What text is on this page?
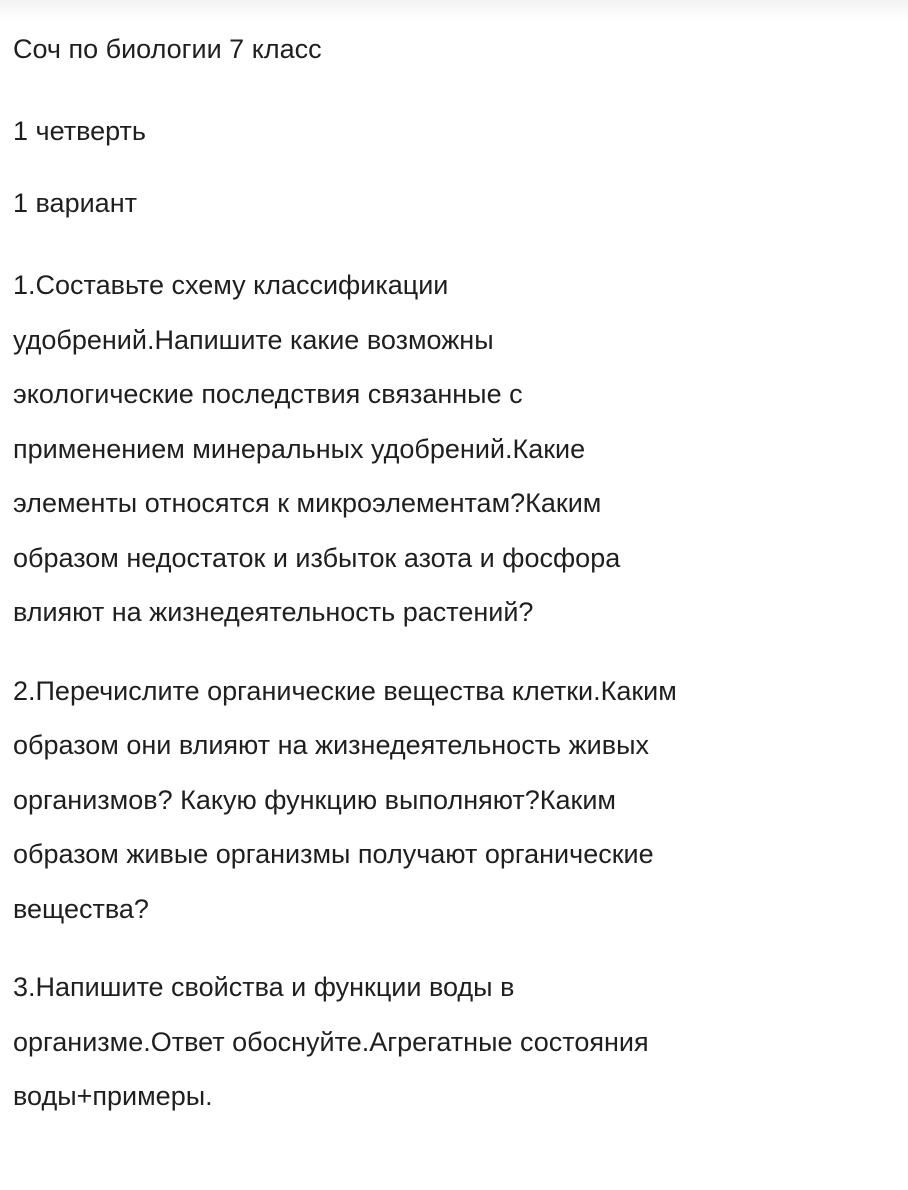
Соч по биологии 7 класс

1 четверть

1 вариант

1.Составьте схему классификации
удобрений.Напишите какие возможны
экологические последствия связанные с
применением минеральных удобрений.Какие
элементы относятся к микроэлементам?Каким
образом недостаток и избыток азота и фосфора
влияют на жизнедеятельность растений?
2.Перечислите органические вещества клетки.Каким
образом они влияют на жизнедеятельность живых
организмов? Какую функцию выполняют?Каким
образом живые организмы получают органические
вещества?
3.Напишите свойства и функции воды в
организме.Ответ обоснуйте.Агрегатные состояния
воды+примеры.
